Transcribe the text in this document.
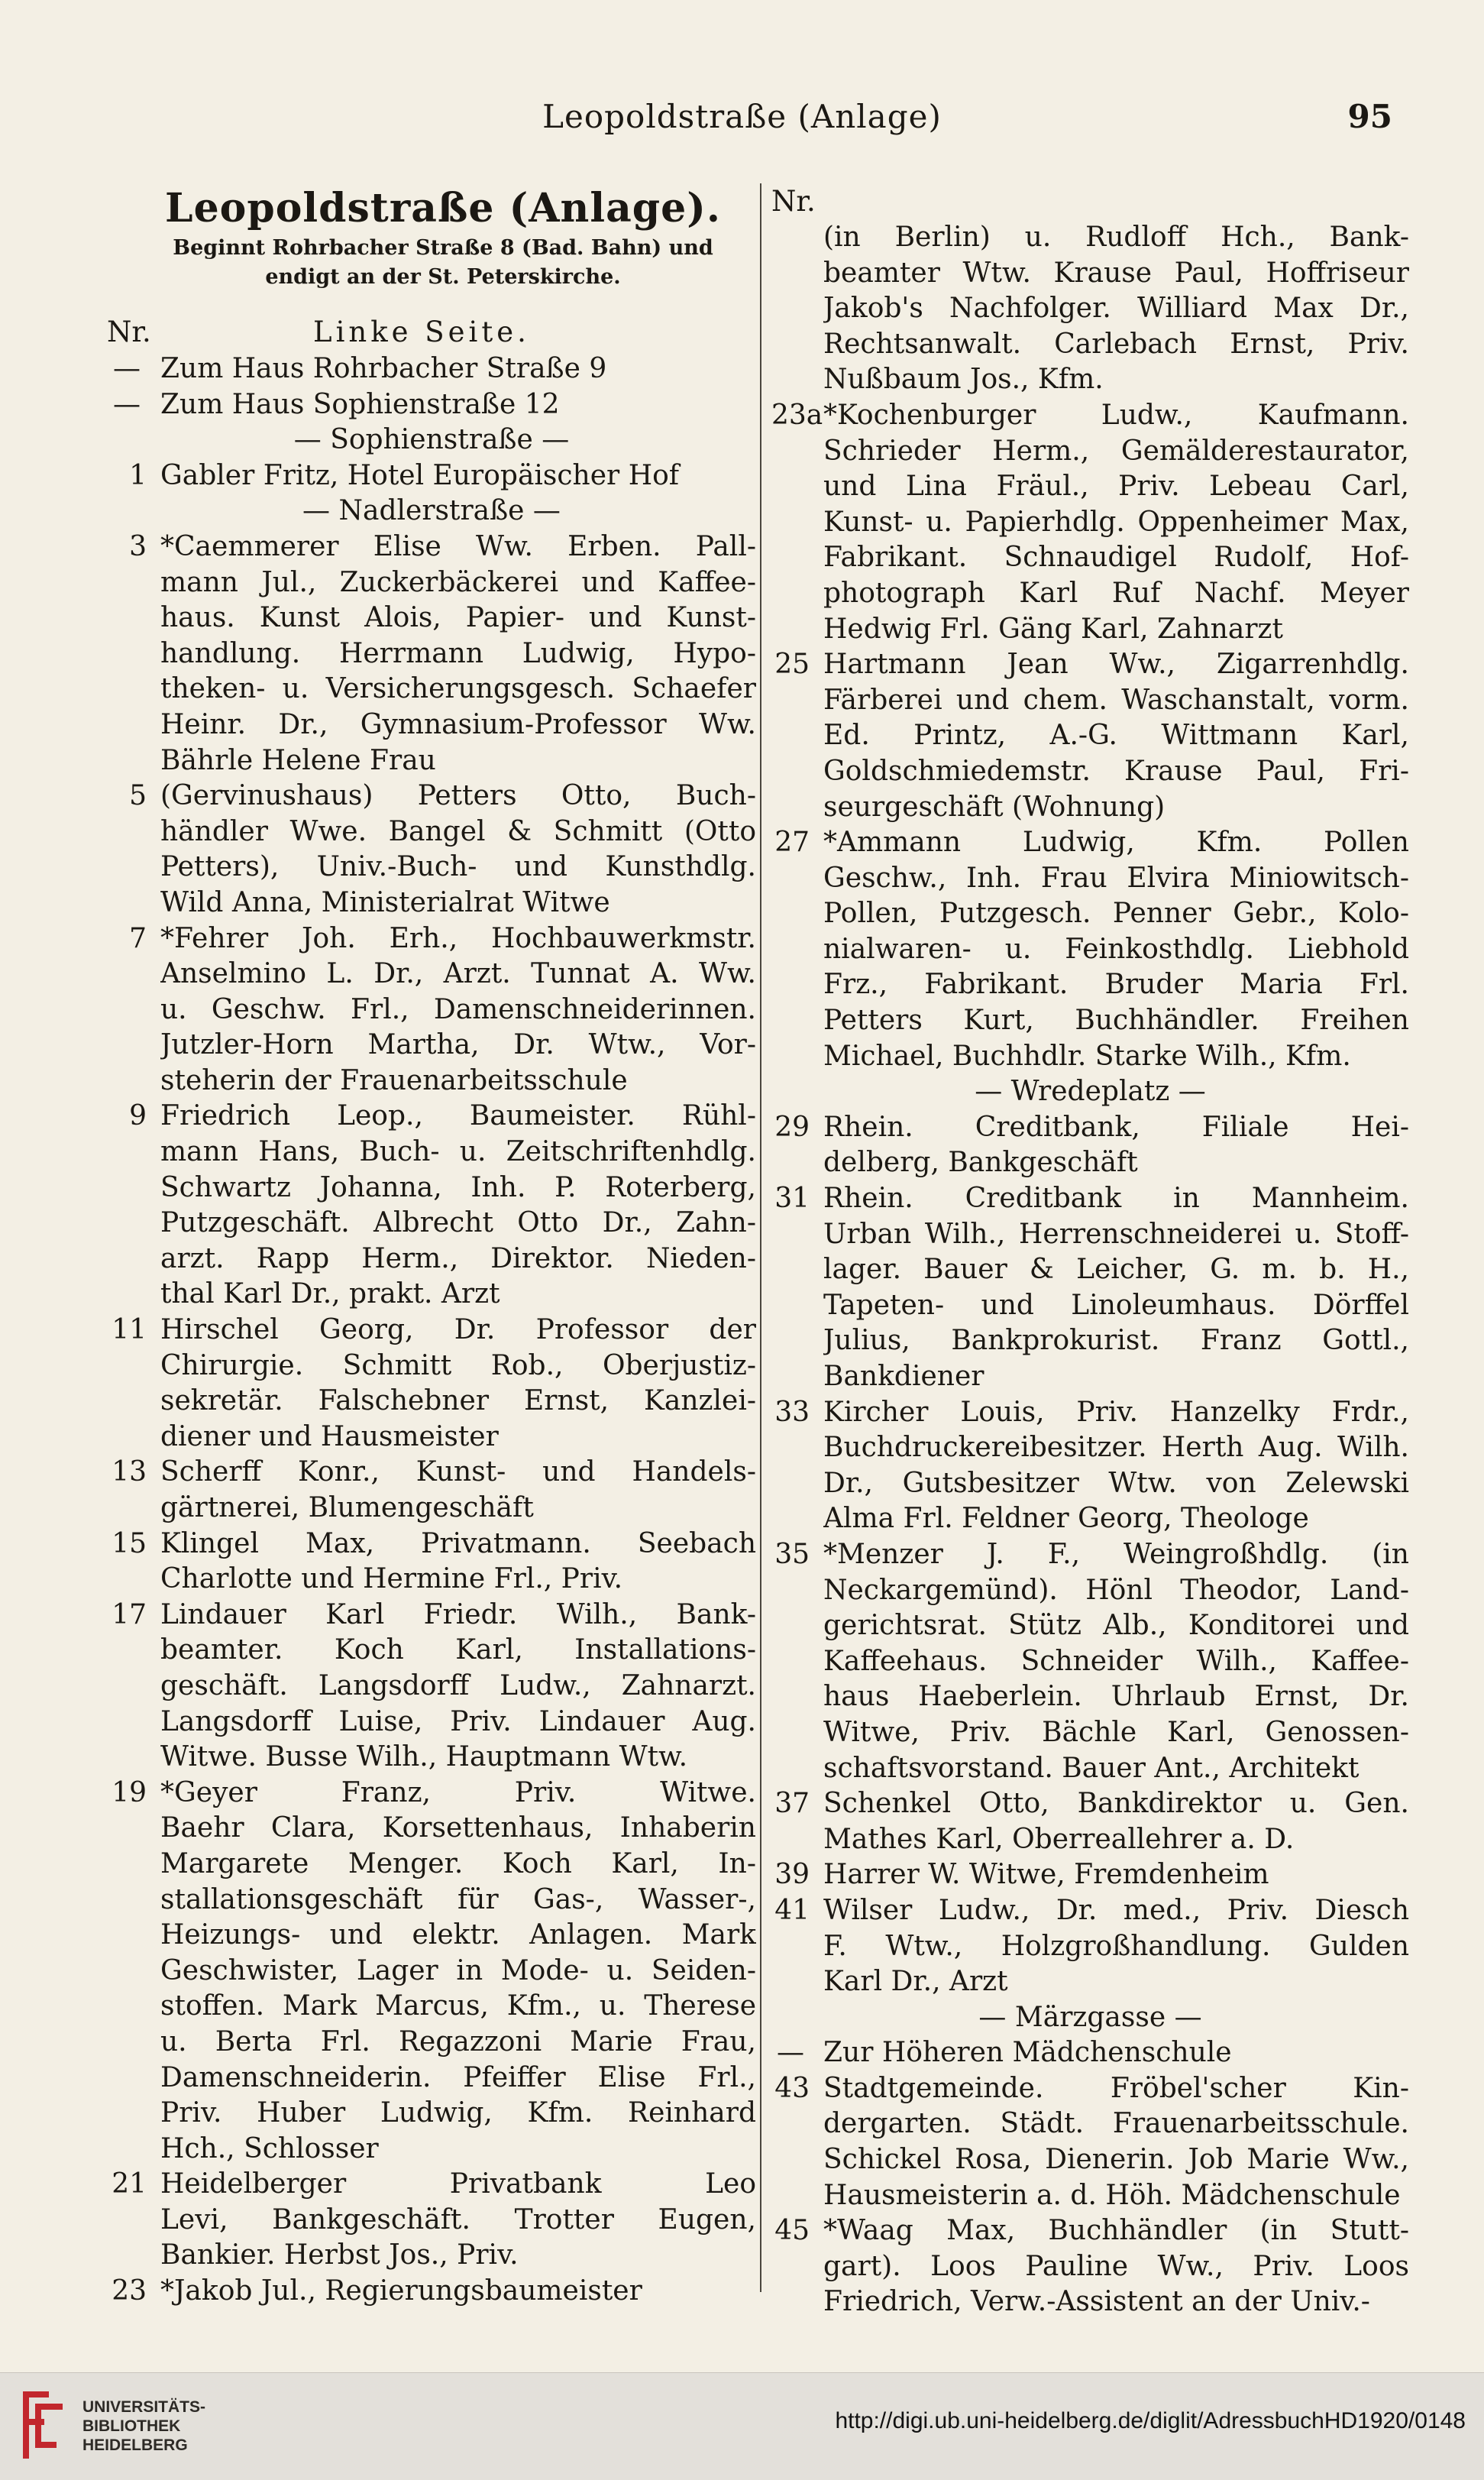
Leopoldstraße (Anlage)	95
Leopoldstraße (Anlage).
Beginnt Rohrbacher Straße 8 (Bad. Bahn) und
endigt an der St. Peterskirche.
Nr.	Linke Seite.
— Zum Haus Rohrbacher Straße 9
— Zum Haus Sophienstraße 12
— Sophienstraße —
1 Gabler Fritz, Hotel Europäischer Hof
— Nadlerstraße —
3 *Caemmerer Elise Ww. Erben. Pall-
mann Jul., Zuckerbäckerei und Kaffee-
haus. Kunst Alois, Papier- und Kunst-
handlung. Herrmann Ludwig, Hypo-
theken- u. Versicherungsgesch. Schaefer
Heinr. Dr., Gymnasium-Professor Ww.
Bährle Helene Frau
5 (Gervinushaus) Petters Otto, Buch-
händler Wwe. Bangel & Schmitt (Otto
Petters), Univ.-Buch- und Kunsthdlg.
Wild Anna, Ministerialrat Witwe
7 *Fehrer Joh. Erh., Hochbauwerkmstr.
Anselmino L. Dr., Arzt. Tunnat A. Ww.
u. Geschw. Frl., Damenschneiderinnen.
Jutzler-Horn Martha, Dr. Wtw., Vor-
steherin der Frauenarbeitsschule
9 Friedrich Leop., Baumeister. Rühl-
mann Hans, Buch- u. Zeitschriftenhdlg.
Schwartz Johanna, Inh. P. Roterberg,
Putzgeschäft. Albrecht Otto Dr., Zahn-
arzt. Rapp Herm., Direktor. Nieden-
thal Karl Dr., prakt. Arzt
11 Hirschel Georg, Dr. Professor der
Chirurgie. Schmitt Rob., Oberjustiz-
sekretär. Falschebner Ernst, Kanzlei-
diener und Hausmeister
13 Scherff Konr., Kunst- und Handels-
gärtnerei, Blumengeschäft
15 Klingel Max, Privatmann. Seebach
Charlotte und Hermine Frl., Priv.
17 Lindauer Karl Friedr. Wilh., Bank-
beamter. Koch Karl, Installations-
geschäft. Langsdorff Ludw., Zahnarzt.
Langsdorff Luise, Priv. Lindauer Aug.
Witwe. Busse Wilh., Hauptmann Wtw.
19 *Geyer Franz, Priv. Witwe.
Baehr Clara, Korsettenhaus, Inhaberin
Margarete Menger. Koch Karl, In-
stallationsgeschäft für Gas-, Wasser-,
Heizungs- und elektr. Anlagen. Mark
Geschwister, Lager in Mode- u. Seiden-
stoffen. Mark Marcus, Kfm., u. Therese
u. Berta Frl. Regazzoni Marie Frau,
Damenschneiderin. Pfeiffer Elise Frl.,
Priv. Huber Ludwig, Kfm. Reinhard
Hch., Schlosser
21 Heidelberger Privatbank Leo
Levi, Bankgeschäft. Trotter Eugen,
Bankier. Herbst Jos., Priv.
23 *Jakob Jul., Regierungsbaumeister
Nr.
(in Berlin) u. Rudloff Hch., Bank-
beamter Wtw. Krause Paul, Hoffriseur
Jakob's Nachfolger. Williard Max Dr.,
Rechtsanwalt. Carlebach Ernst, Priv.
Nußbaum Jos., Kfm.
23a *Kochenburger Ludw., Kaufmann.
Schrieder Herm., Gemälderestaurator,
und Lina Fräul., Priv. Lebeau Carl,
Kunst- u. Papierhdlg. Oppenheimer Max,
Fabrikant. Schnaudigel Rudolf, Hof-
photograph Karl Ruf Nachf. Meyer
Hedwig Frl. Gäng Karl, Zahnarzt
25 Hartmann Jean Ww., Zigarrenhdlg.
Färberei und chem. Waschanstalt, vorm.
Ed. Printz, A.-G. Wittmann Karl,
Goldschmiedemstr. Krause Paul, Fri-
seurgeschäft (Wohnung)
27 *Ammann Ludwig, Kfm. Pollen
Geschw., Inh. Frau Elvira Miniowitsch-
Pollen, Putzgesch. Penner Gebr., Kolo-
nialwaren- u. Feinkosthdlg. Liebhold
Frz., Fabrikant. Bruder Maria Frl.
Petters Kurt, Buchhändler. Freihen
Michael, Buchhdlr. Starke Wilh., Kfm.
— Wredeplatz —
29 Rhein. Creditbank, Filiale Hei-
delberg, Bankgeschäft
31 Rhein. Creditbank in Mannheim.
Urban Wilh., Herrenschneiderei u. Stoff-
lager. Bauer & Leicher, G. m. b. H.,
Tapeten- und Linoleumhaus. Dörffel
Julius, Bankprokurist. Franz Gottl.,
Bankdiener
33 Kircher Louis, Priv. Hanzelky Frdr.,
Buchdruckereibesitzer. Herth Aug. Wilh.
Dr., Gutsbesitzer Wtw. von Zelewski
Alma Frl. Feldner Georg, Theologe
35 *Menzer J. F., Weingroßhdlg. (in
Neckargemünd). Hönl Theodor, Land-
gerichtsrat. Stütz Alb., Konditorei und
Kaffeehaus. Schneider Wilh., Kaffee-
haus Haeberlein. Uhrlaub Ernst, Dr.
Witwe, Priv. Bächle Karl, Genossen-
schaftsvorstand. Bauer Ant., Architekt
37 Schenkel Otto, Bankdirektor u. Gen.
Mathes Karl, Oberreallehrer a. D.
39 Harrer W. Witwe, Fremdenheim
41 Wilser Ludw., Dr. med., Priv. Diesch
F. Wtw., Holzgroßhandlung. Gulden
Karl Dr., Arzt
— Märzgasse —
— Zur Höheren Mädchenschule
43 Stadtgemeinde. Fröbel'scher Kin-
dergarten. Städt. Frauenarbeitsschule.
Schickel Rosa, Dienerin. Job Marie Ww.,
Hausmeisterin a. d. Höh. Mädchenschule
45 *Waag Max, Buchhändler (in Stutt-
gart). Loos Pauline Ww., Priv. Loos
Friedrich, Verw.-Assistent an der Univ.-
UNIVERSITÄTS-
BIBLIOTHEK
HEIDELBERG
http://digi.ub.uni-heidelberg.de/diglit/AdressbuchHD1920/0148
